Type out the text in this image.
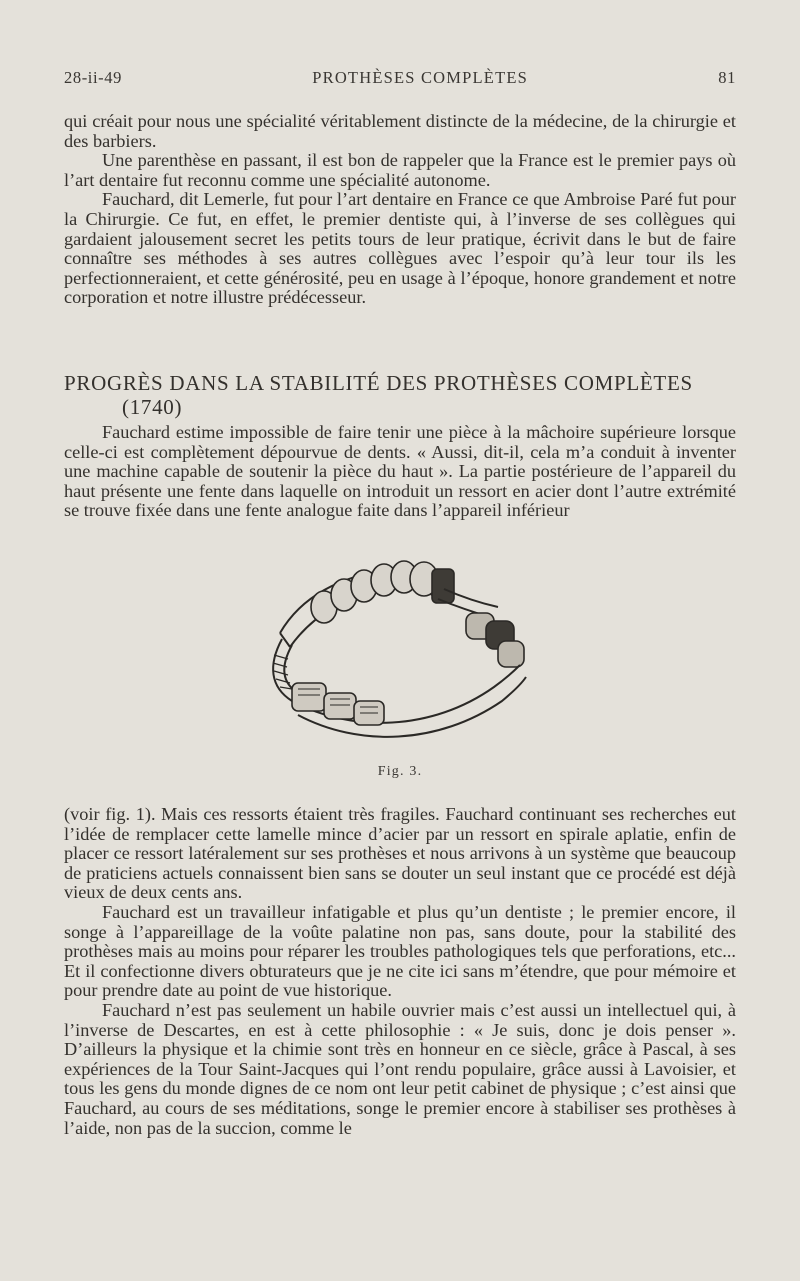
28-ii-49	PROTHÈSES COMPLÈTES	81

qui créait pour nous une spécialité véritablement distincte de la médecine, de la chirurgie et des barbiers.

Une parenthèse en passant, il est bon de rappeler que la France est le premier pays où l’art dentaire fut reconnu comme une spécialité autonome.

Fauchard, dit Lemerle, fut pour l’art dentaire en France ce que Ambroise Paré fut pour la Chirurgie. Ce fut, en effet, le premier dentiste qui, à l’inverse de ses collègues qui gardaient jalousement secret les petits tours de leur pratique, écrivit dans le but de faire connaître ses méthodes à ses autres collègues avec l’espoir qu’à leur tour ils les perfectionneraient, et cette générosité, peu en usage à l’époque, honore grandement et notre corporation et notre illustre prédécesseur.

PROGRÈS DANS LA STABILITÉ DES PROTHÈSES COMPLÈTES
(1740)

Fauchard estime impossible de faire tenir une pièce à la mâchoire supérieure lorsque celle-ci est complètement dépourvue de dents. « Aussi, dit-il, cela m’a conduit à inventer une machine capable de soutenir la pièce du haut ». La partie postérieure de l’appareil du haut présente une fente dans laquelle on introduit un ressort en acier dont l’autre extrémité se trouve fixée dans une fente analogue faite dans l’appareil inférieur

Fig. 3.

(voir fig. 1). Mais ces ressorts étaient très fragiles. Fauchard continuant ses recherches eut l’idée de remplacer cette lamelle mince d’acier par un ressort en spirale aplatie, enfin de placer ce ressort latéralement sur ses prothèses et nous arrivons à un système que beaucoup de praticiens actuels connaissent bien sans se douter un seul instant que ce procédé est déjà vieux de deux cents ans.

Fauchard est un travailleur infatigable et plus qu’un dentiste ; le premier encore, il songe à l’appareillage de la voûte palatine non pas, sans doute, pour la stabilité des prothèses mais au moins pour réparer les troubles pathologiques tels que perforations, etc... Et il confectionne divers obturateurs que je ne cite ici sans m’étendre, que pour mémoire et pour prendre date au point de vue historique.

Fauchard n’est pas seulement un habile ouvrier mais c’est aussi un intellectuel qui, à l’inverse de Descartes, en est à cette philosophie : « Je suis, donc je dois penser ». D’ailleurs la physique et la chimie sont très en honneur en ce siècle, grâce à Pascal, à ses expériences de la Tour Saint-Jacques qui l’ont rendu populaire, grâce aussi à Lavoisier, et tous les gens du monde dignes de ce nom ont leur petit cabinet de physique ; c’est ainsi que Fauchard, au cours de ses méditations, songe le premier encore à stabiliser ses prothèses à l’aide, non pas de la succion, comme le
